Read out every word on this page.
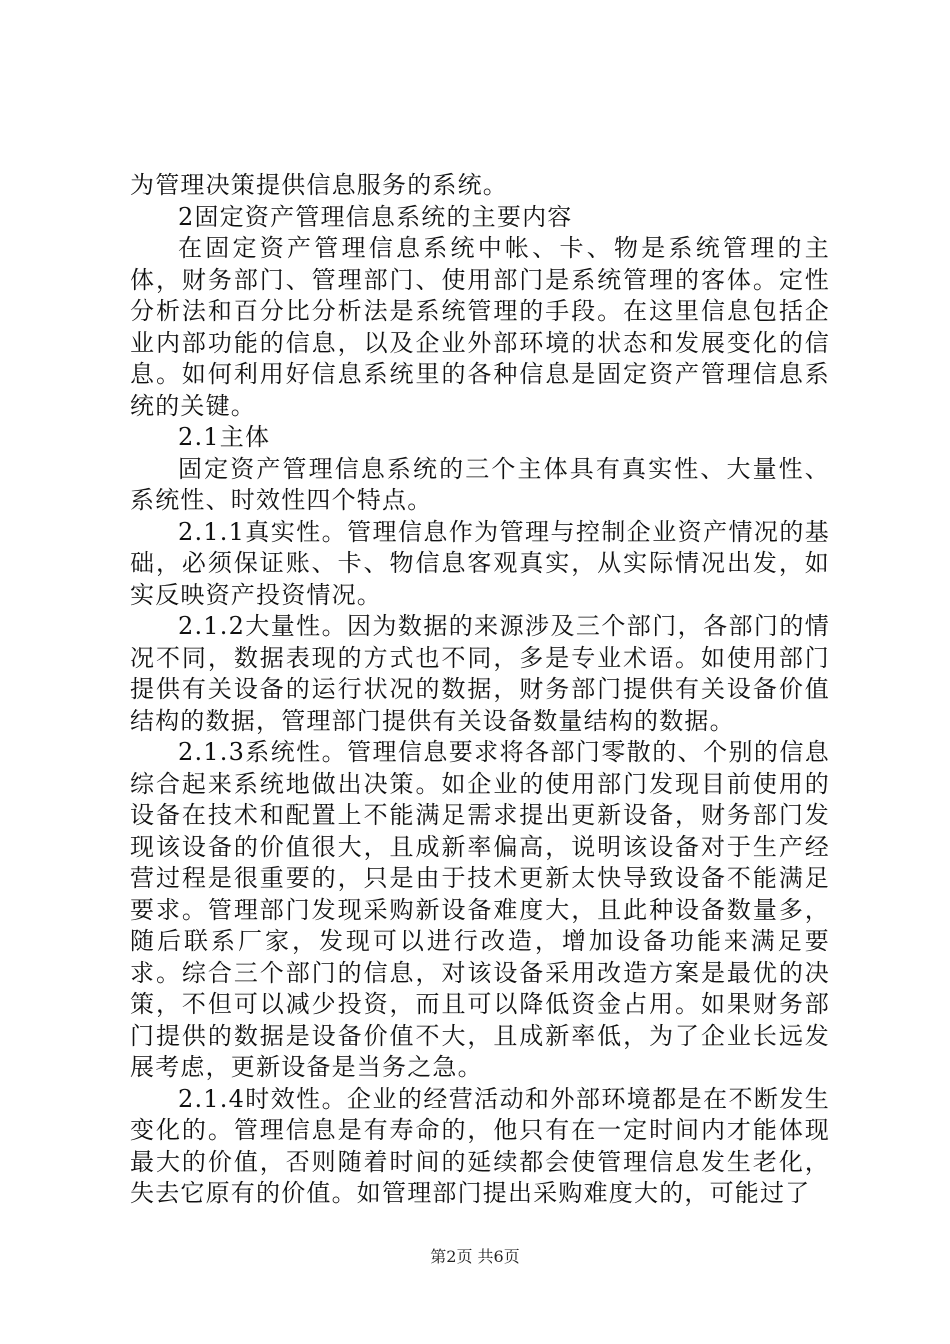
为管理决策提供信息服务的系统。

2固定资产管理信息系统的主要内容

在固定资产管理信息系统中帐、卡、物是系统管理的主体，财务部门、管理部门、使用部门是系统管理的客体。定性分析法和百分比分析法是系统管理的手段。在这里信息包括企业内部功能的信息，以及企业外部环境的状态和发展变化的信息。如何利用好信息系统里的各种信息是固定资产管理信息系统的关键。

2.1主体

固定资产管理信息系统的三个主体具有真实性、大量性、系统性、时效性四个特点。

2.1.1真实性。管理信息作为管理与控制企业资产情况的基础，必须保证账、卡、物信息客观真实，从实际情况出发，如实反映资产投资情况。

2.1.2大量性。因为数据的来源涉及三个部门，各部门的情况不同，数据表现的方式也不同，多是专业术语。如使用部门提供有关设备的运行状况的数据，财务部门提供有关设备价值结构的数据，管理部门提供有关设备数量结构的数据。

2.1.3系统性。管理信息要求将各部门零散的、个别的信息综合起来系统地做出决策。如企业的使用部门发现目前使用的设备在技术和配置上不能满足需求提出更新设备，财务部门发现该设备的价值很大，且成新率偏高，说明该设备对于生产经营过程是很重要的，只是由于技术更新太快导致设备不能满足要求。管理部门发现采购新设备难度大，且此种设备数量多，随后联系厂家，发现可以进行改造，增加设备功能来满足要求。综合三个部门的信息，对该设备采用改造方案是最优的决策，不但可以减少投资，而且可以降低资金占用。如果财务部门提供的数据是设备价值不大，且成新率低，为了企业长远发展考虑，更新设备是当务之急。

2.1.4时效性。企业的经营活动和外部环境都是在不断发生变化的。管理信息是有寿命的，他只有在一定时间内才能体现最大的价值，否则随着时间的延续都会使管理信息发生老化，失去它原有的价值。如管理部门提出采购难度大的，可能过了

第2页 共6页
